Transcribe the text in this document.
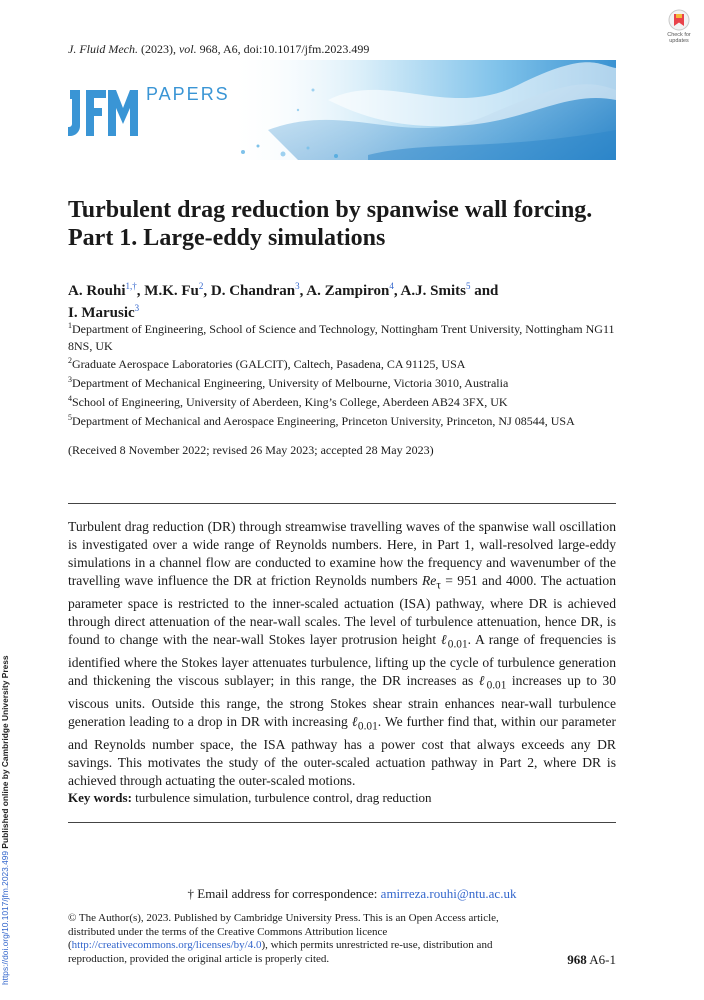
J. Fluid Mech. (2023), vol. 968, A6, doi:10.1017/jfm.2023.499
Check for updates
PAPERS
Turbulent drag reduction by spanwise wall forcing. Part 1. Large-eddy simulations
A. Rouhi$^{1,\dagger}$, M.K. Fu$^2$, D. Chandran$^3$, A. Zampiron$^4$, A.J. Smits$^5$ and
I. Marusic$^3$
$^1$Department of Engineering, School of Science and Technology, Nottingham Trent University, Nottingham NG11 8NS, UK
$^2$Graduate Aerospace Laboratories (GALCIT), Caltech, Pasadena, CA 91125, USA
$^3$Department of Mechanical Engineering, University of Melbourne, Victoria 3010, Australia
$^4$School of Engineering, University of Aberdeen, King’s College, Aberdeen AB24 3FX, UK
$^5$Department of Mechanical and Aerospace Engineering, Princeton University, Princeton, NJ 08544, USA
(Received 8 November 2022; revised 26 May 2023; accepted 28 May 2023)
Turbulent drag reduction (DR) through streamwise travelling waves of the spanwise wall oscillation is investigated over a wide range of Reynolds numbers. Here, in Part 1, wall-resolved large-eddy simulations in a channel flow are conducted to examine how the frequency and wavenumber of the travelling wave influence the DR at friction Reynolds numbers $Re_\tau = 951$ and 4000. The actuation parameter space is restricted to the inner-scaled actuation (ISA) pathway, where DR is achieved through direct attenuation of the near-wall scales. The level of turbulence attenuation, hence DR, is found to change with the near-wall Stokes layer protrusion height ℓ$_{0.01}$. A range of frequencies is identified where the Stokes layer attenuates turbulence, lifting up the cycle of turbulence generation and thickening the viscous sublayer; in this range, the DR increases as ℓ$_{0.01}$ increases up to 30 viscous units. Outside this range, the strong Stokes shear strain enhances near-wall turbulence generation leading to a drop in DR with increasing ℓ$_{0.01}$. We further find that, within our parameter and Reynolds number space, the ISA pathway has a power cost that always exceeds any DR savings. This motivates the study of the outer-scaled actuation pathway in Part 2, where DR is achieved through actuating the outer-scaled motions.
Key words: turbulence simulation, turbulence control, drag reduction
† Email address for correspondence: amirreza.rouhi@ntu.ac.uk
© The Author(s), 2023. Published by Cambridge University Press. This is an Open Access article, distributed under the terms of the Creative Commons Attribution licence (http://creativecommons.org/licenses/by/4.0), which permits unrestricted re-use, distribution and reproduction, provided the original article is properly cited.	968 A6-1
https://doi.org/10.1017/jfm.2023.499 Published online by Cambridge University Press
